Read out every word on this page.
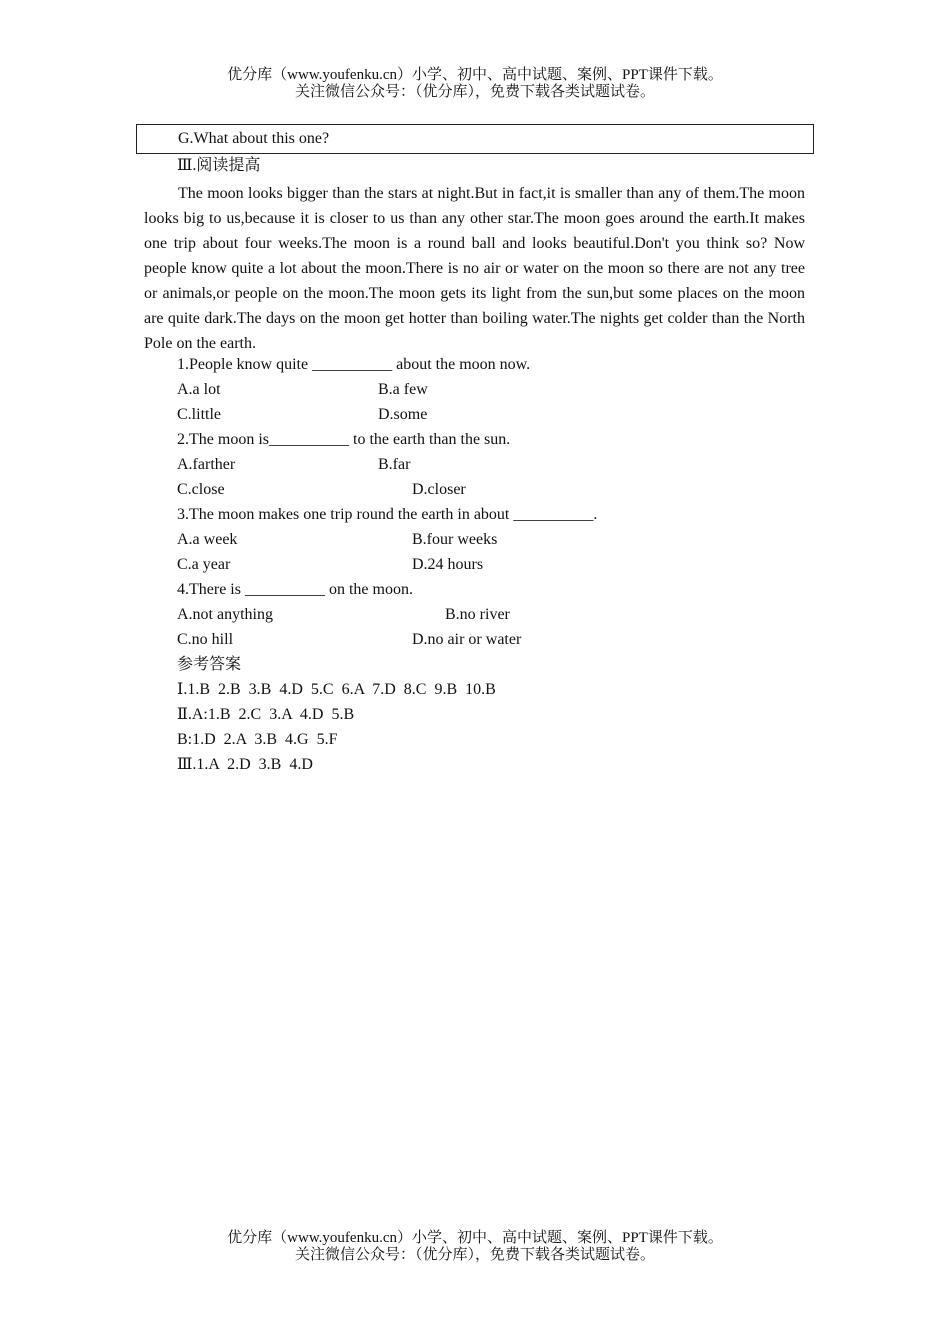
优分库（www.youfenku.cn）小学、初中、高中试题、案例、PPT课件下载。
关注微信公众号：（优分库），免费下载各类试题试卷。
G.What about this one?
Ⅲ.阅读提高
The moon looks bigger than the stars at night.But in fact,it is smaller than any of them.The moon looks big to us,because it is closer to us than any other star.The moon goes around the earth.It makes one trip about four weeks.The moon is a round ball and looks beautiful.Don't you think so? Now people know quite a lot about the moon.There is no air or water on the moon so there are not any tree or animals,or people on the moon.The moon gets its light from the sun,but some places on the moon are quite dark.The days on the moon get hotter than boiling water.The nights get colder than the North Pole on the earth.
1.People know quite __________ about the moon now.
A.a lot	B.a few
C.little	D.some
2.The moon is__________ to the earth than the sun.
A.farther	B.far
C.close	D.closer
3.The moon makes one trip round the earth in about __________.
A.a week	B.four weeks
C.a year	D.24 hours
4.There is __________ on the moon.
A.not anything	B.no river
C.no hill	D.no air or water
参考答案
Ⅰ.1.B  2.B  3.B  4.D  5.C  6.A  7.D  8.C  9.B  10.B
Ⅱ.A:1.B  2.C  3.A  4.D  5.B
B:1.D  2.A  3.B  4.G  5.F
Ⅲ.1.A  2.D  3.B  4.D
优分库（www.youfenku.cn）小学、初中、高中试题、案例、PPT课件下载。
关注微信公众号：（优分库），免费下载各类试题试卷。
